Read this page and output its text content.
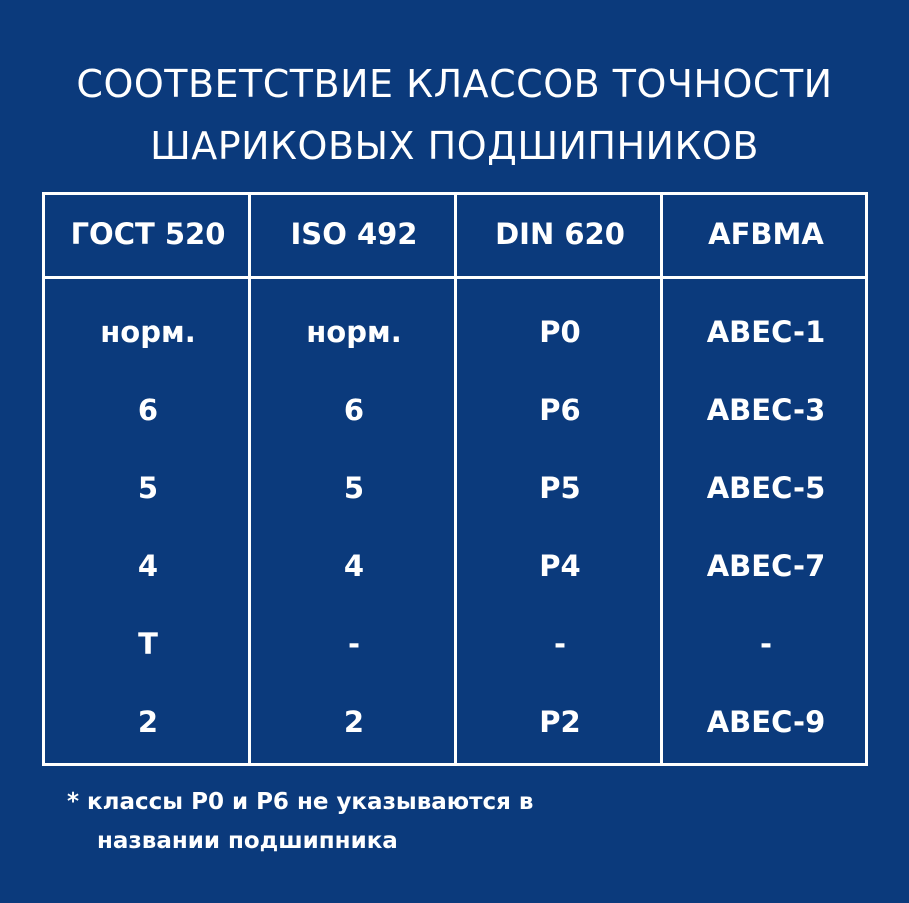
СООТВЕТСТВИЕ КЛАССОВ ТОЧНОСТИ
ШАРИКОВЫХ ПОДШИПНИКОВ
ГОСТ 520	ISO 492	DIN 620	AFBMA
норм.	норм.	P0	ABEC-1
6	6	P6	ABEC-3
5	5	P5	ABEC-5
4	4	P4	ABEC-7
T	-	-	-
2	2	P2	ABEC-9
* классы P0 и P6 не указываются в
названии подшипника
